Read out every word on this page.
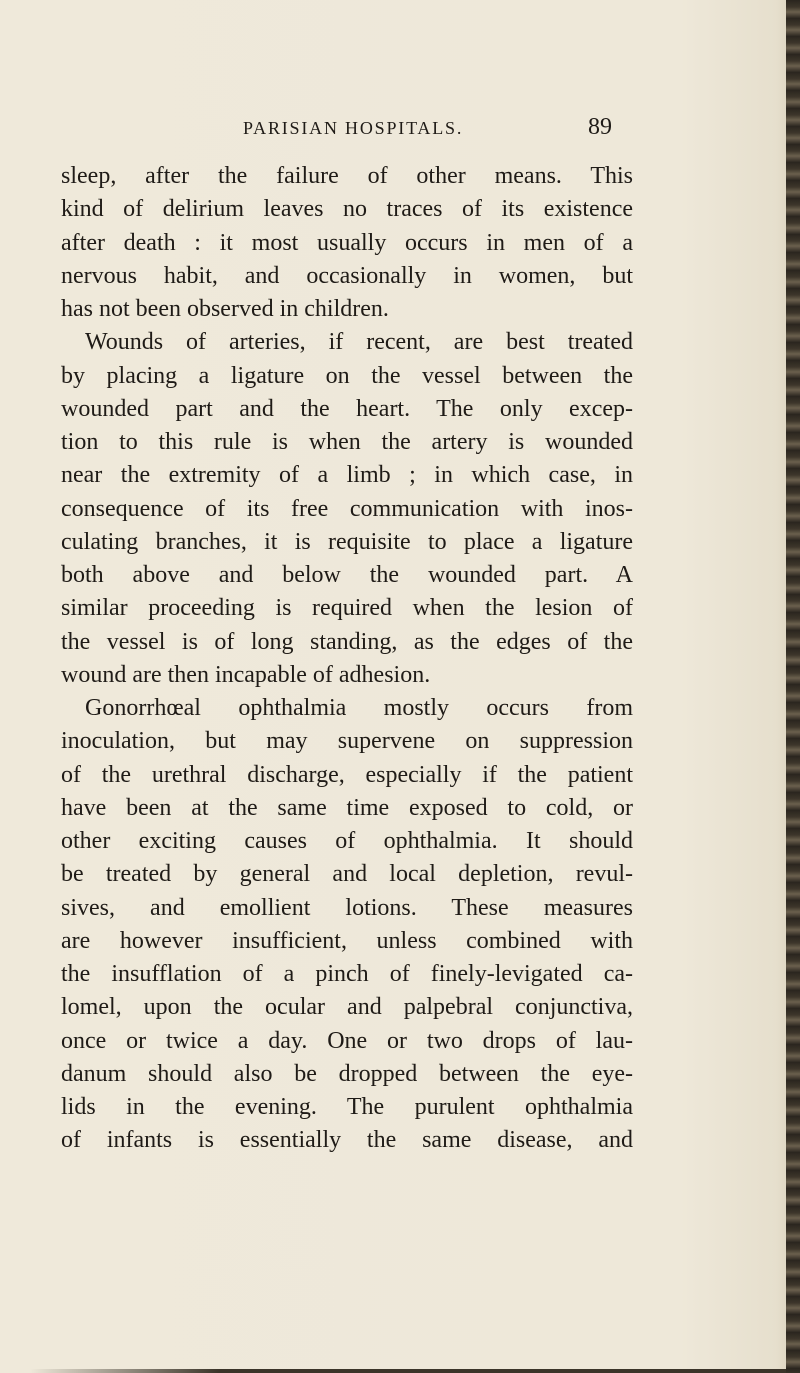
PARISIAN HOSPITALS.	89
sleep, after the failure of other means. This
kind of delirium leaves no traces of its existence
after death : it most usually occurs in men of a
nervous habit, and occasionally in women, but
has not been observed in children.
Wounds of arteries, if recent, are best treated
by placing a ligature on the vessel between the
wounded part and the heart. The only excep-
tion to this rule is when the artery is wounded
near the extremity of a limb ; in which case, in
consequence of its free communication with inos-
culating branches, it is requisite to place a ligature
both above and below the wounded part. A
similar proceeding is required when the lesion of
the vessel is of long standing, as the edges of the
wound are then incapable of adhesion.
Gonorrhœal ophthalmia mostly occurs from
inoculation, but may supervene on suppression
of the urethral discharge, especially if the patient
have been at the same time exposed to cold, or
other exciting causes of ophthalmia. It should
be treated by general and local depletion, revul-
sives, and emollient lotions. These measures
are however insufficient, unless combined with
the insufflation of a pinch of finely-levigated ca-
lomel, upon the ocular and palpebral conjunctiva,
once or twice a day. One or two drops of lau-
danum should also be dropped between the eye-
lids in the evening. The purulent ophthalmia
of infants is essentially the same disease, and
